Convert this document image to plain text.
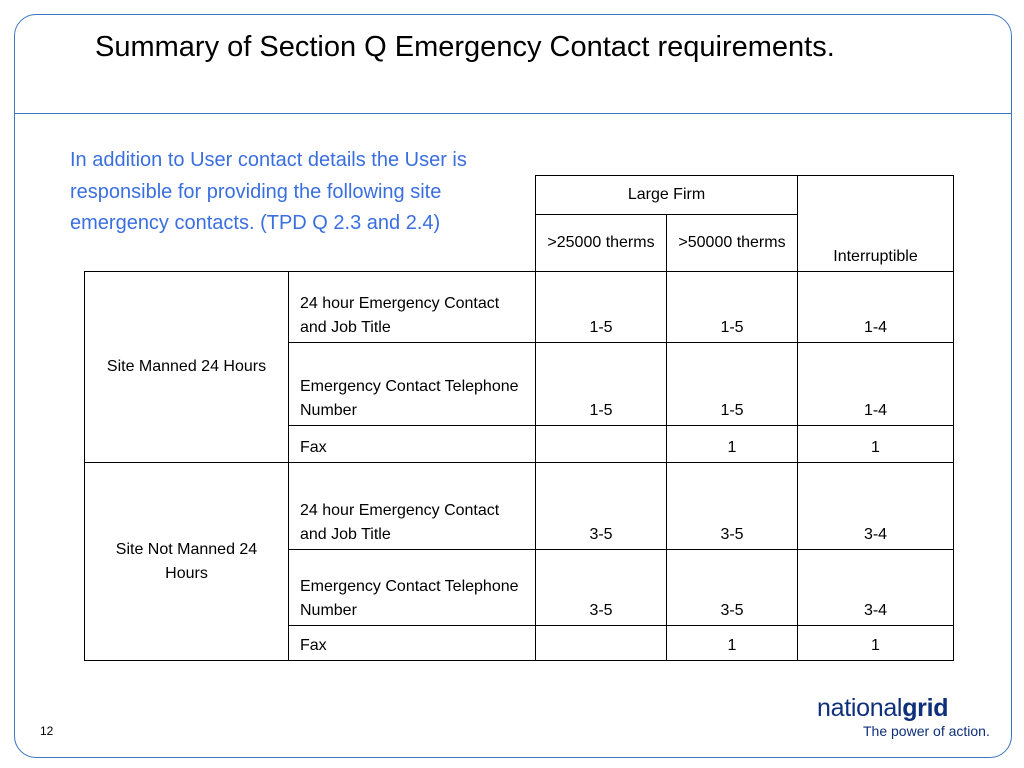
Summary of Section Q Emergency Contact requirements.
In addition to User contact details the User is responsible for providing the following site emergency contacts. (TPD Q 2.3 and 2.4)
		Large Firm		
		>25000 therms	>50000 therms	Interruptible
Site Manned 24 Hours	24 hour Emergency Contact and Job Title	1-5	1-5	1-4
	Emergency Contact Telephone Number	1-5	1-5	1-4
	Fax		1	1
Site Not Manned 24 Hours	24 hour Emergency Contact and Job Title	3-5	3-5	3-4
	Emergency Contact Telephone Number	3-5	3-5	3-4
	Fax		1	1
nationalgrid
The power of action.
12
